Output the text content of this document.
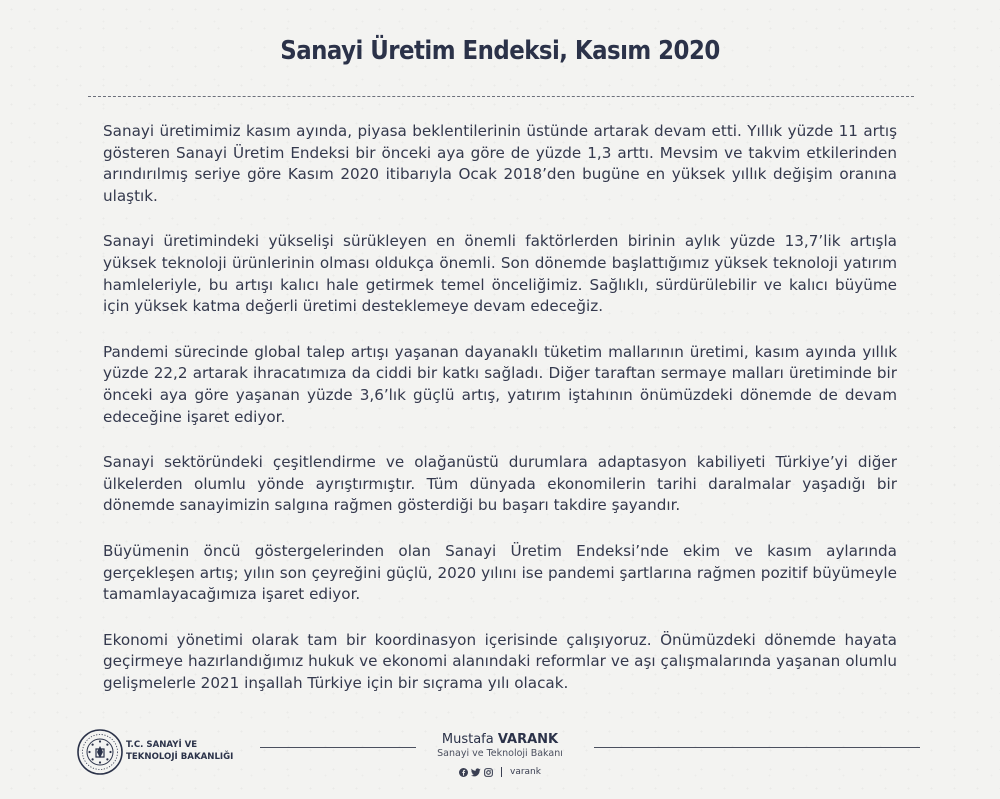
Sanayi Üretim Endeksi, Kasım 2020

Sanayi üretimimiz kasım ayında, piyasa beklentilerinin üstünde artarak devam etti. Yıllık yüzde 11 artış gösteren Sanayi Üretim Endeksi bir önceki aya göre de yüzde 1,3 arttı. Mevsim ve takvim etkilerinden arındırılmış seriye göre Kasım 2020 itibarıyla Ocak 2018’den bugüne en yüksek yıllık değişim oranına ulaştık.

Sanayi üretimindeki yükselişi sürükleyen en önemli faktörlerden birinin aylık yüzde 13,7’lik artışla yüksek teknoloji ürünlerinin olması oldukça önemli. Son dönemde başlattığımız yüksek teknoloji yatırım hamleleriyle, bu artışı kalıcı hale getirmek temel önceliğimiz. Sağlıklı, sürdürülebilir ve kalıcı büyüme için yüksek katma değerli üretimi desteklemeye devam edeceğiz.

Pandemi sürecinde global talep artışı yaşanan dayanaklı tüketim mallarının üretimi, kasım ayında yıllık yüzde 22,2 artarak ihracatımıza da ciddi bir katkı sağladı. Diğer taraftan sermaye malları üretiminde bir önceki aya göre yaşanan yüzde 3,6’lık güçlü artış, yatırım iştahının önümüzdeki dönemde de devam edeceğine işaret ediyor.

Sanayi sektöründeki çeşitlendirme ve olağanüstü durumlara adaptasyon kabiliyeti Türkiye’yi diğer ülkelerden olumlu yönde ayrıştırmıştır. Tüm dünyada ekonomilerin tarihi daralmalar yaşadığı bir dönemde sanayimizin salgına rağmen gösterdiği bu başarı takdire şayandır.

Büyümenin öncü göstergelerinden olan Sanayi Üretim Endeksi’nde ekim ve kasım aylarında gerçekleşen artış; yılın son çeyreğini güçlü, 2020 yılını ise pandemi şartlarına rağmen pozitif büyümeyle tamamlayacağımıza işaret ediyor.

Ekonomi yönetimi olarak tam bir koordinasyon içerisinde çalışıyoruz. Önümüzdeki dönemde hayata geçirmeye hazırlandığımız hukuk ve ekonomi alanındaki reformlar ve aşı çalışmalarında yaşanan olumlu gelişmelerle 2021 inşallah Türkiye için bir sıçrama yılı olacak.

T.C. SANAYİ VE
TEKNOLOJİ BAKANLIĞI
Mustafa VARANK
Sanayi ve Teknoloji Bakanı
varank
